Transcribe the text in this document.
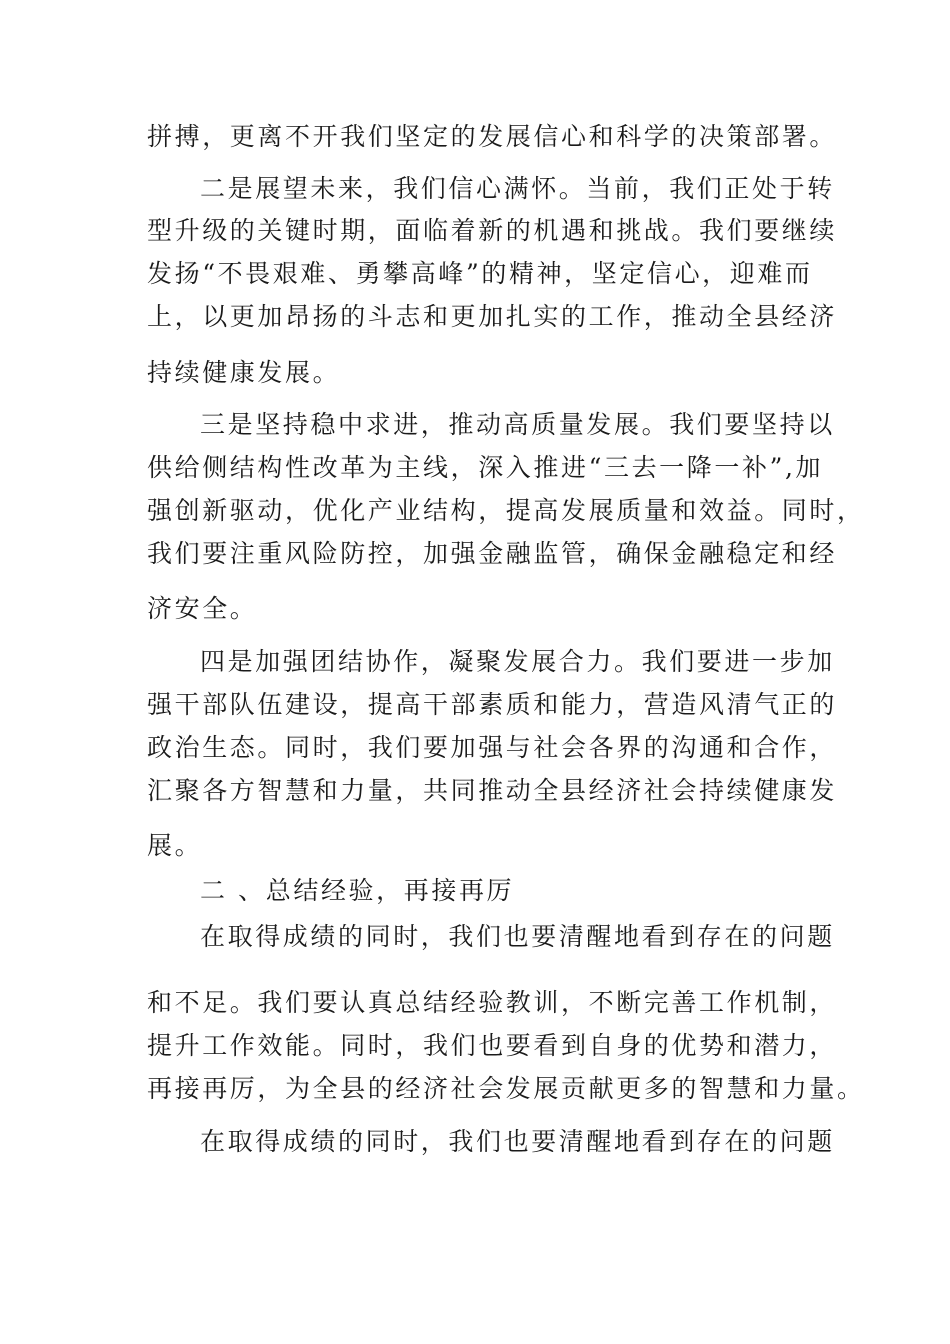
拼搏，更离不开我们坚定的发展信心和科学的决策部署。
二是展望未来，我们信心满怀。当前，我们正处于转
型升级的关键时期，面临着新的机遇和挑战。我们要继续
发扬“不畏艰难、勇攀高峰”的精神，坚定信心，迎难而
上，以更加昂扬的斗志和更加扎实的工作，推动全县经济
持续健康发展。
三是坚持稳中求进，推动高质量发展。我们要坚持以
供给侧结构性改革为主线，深入推进“三去一降一补”,加
强创新驱动，优化产业结构，提高发展质量和效益。同时，
我们要注重风险防控，加强金融监管，确保金融稳定和经
济安全。
四是加强团结协作，凝聚发展合力。我们要进一步加
强干部队伍建设，提高干部素质和能力，营造风清气正的
政治生态。同时，我们要加强与社会各界的沟通和合作，
汇聚各方智慧和力量，共同推动全县经济社会持续健康发
展。
二 、总结经验，再接再厉
在取得成绩的同时，我们也要清醒地看到存在的问题
和不足。我们要认真总结经验教训，不断完善工作机制，
提升工作效能。同时，我们也要看到自身的优势和潜力，
再接再厉，为全县的经济社会发展贡献更多的智慧和力量。
在取得成绩的同时，我们也要清醒地看到存在的问题
